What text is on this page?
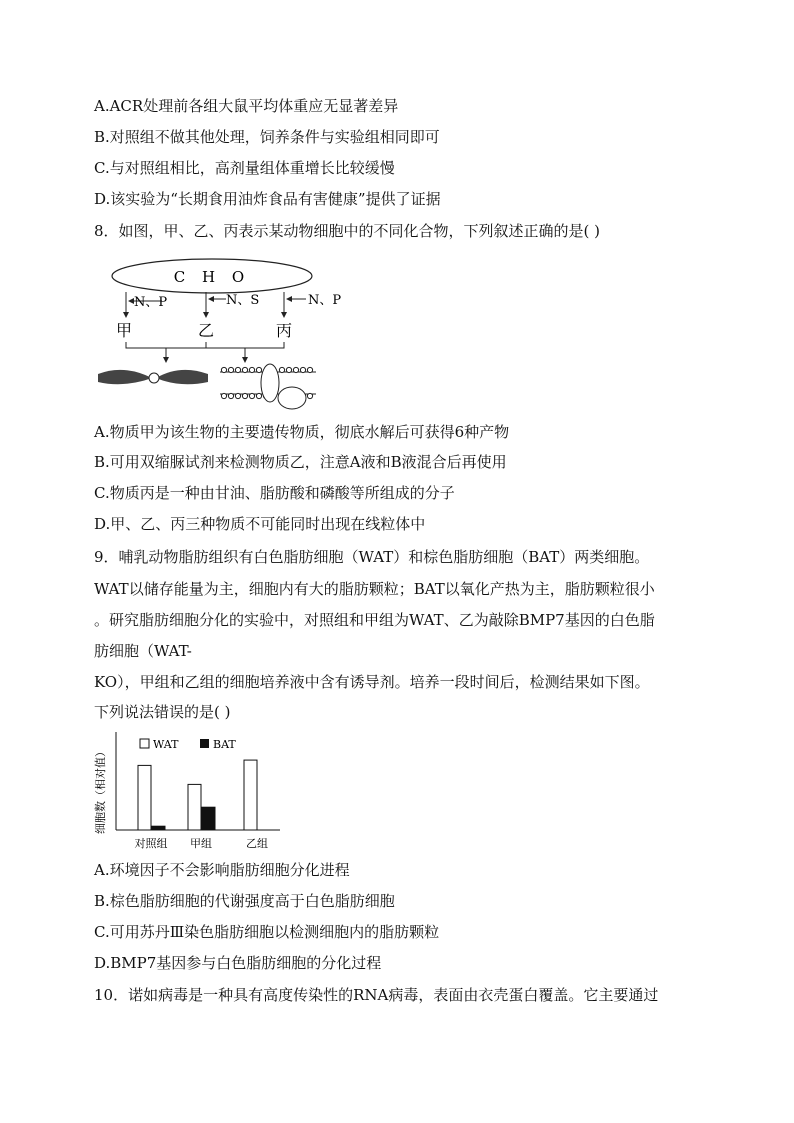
A.ACR处理前各组大鼠平均体重应无显著差异
B.对照组不做其他处理，饲养条件与实验组相同即可
C.与对照组相比，高剂量组体重增长比较缓慢
D.该实验为“长期食用油炸食品有害健康”提供了证据
8．如图，甲、乙、丙表示某动物细胞中的不同化合物，下列叙述正确的是( )
C H O
N、P	N、S	N、P
甲	乙	丙
A.物质甲为该生物的主要遗传物质，彻底水解后可获得6种产物
B.可用双缩脲试剂来检测物质乙，注意A液和B液混合后再使用
C.物质丙是一种由甘油、脂肪酸和磷酸等所组成的分子
D.甲、乙、丙三种物质不可能同时出现在线粒体中
9．哺乳动物脂肪组织有白色脂肪细胞（WAT）和棕色脂肪细胞（BAT）两类细胞。
WAT以储存能量为主，细胞内有大的脂肪颗粒；BAT以氧化产热为主，脂肪颗粒很小
。研究脂肪细胞分化的实验中，对照组和甲组为WAT、乙为敲除BMP7基因的白色脂
肪细胞（WAT-
KO），甲组和乙组的细胞培养液中含有诱导剂。培养一段时间后，检测结果如下图。
下列说法错误的是( )
细胞数（相对值）
WAT	BAT
对照组 甲组	乙组
A.环境因子不会影响脂肪细胞分化进程
B.棕色脂肪细胞的代谢强度高于白色脂肪细胞
C.可用苏丹Ⅲ染色脂肪细胞以检测细胞内的脂肪颗粒
D.BMP7基因参与白色脂肪细胞的分化过程
10．诺如病毒是一种具有高度传染性的RNA病毒，表面由衣壳蛋白覆盖。它主要通过
